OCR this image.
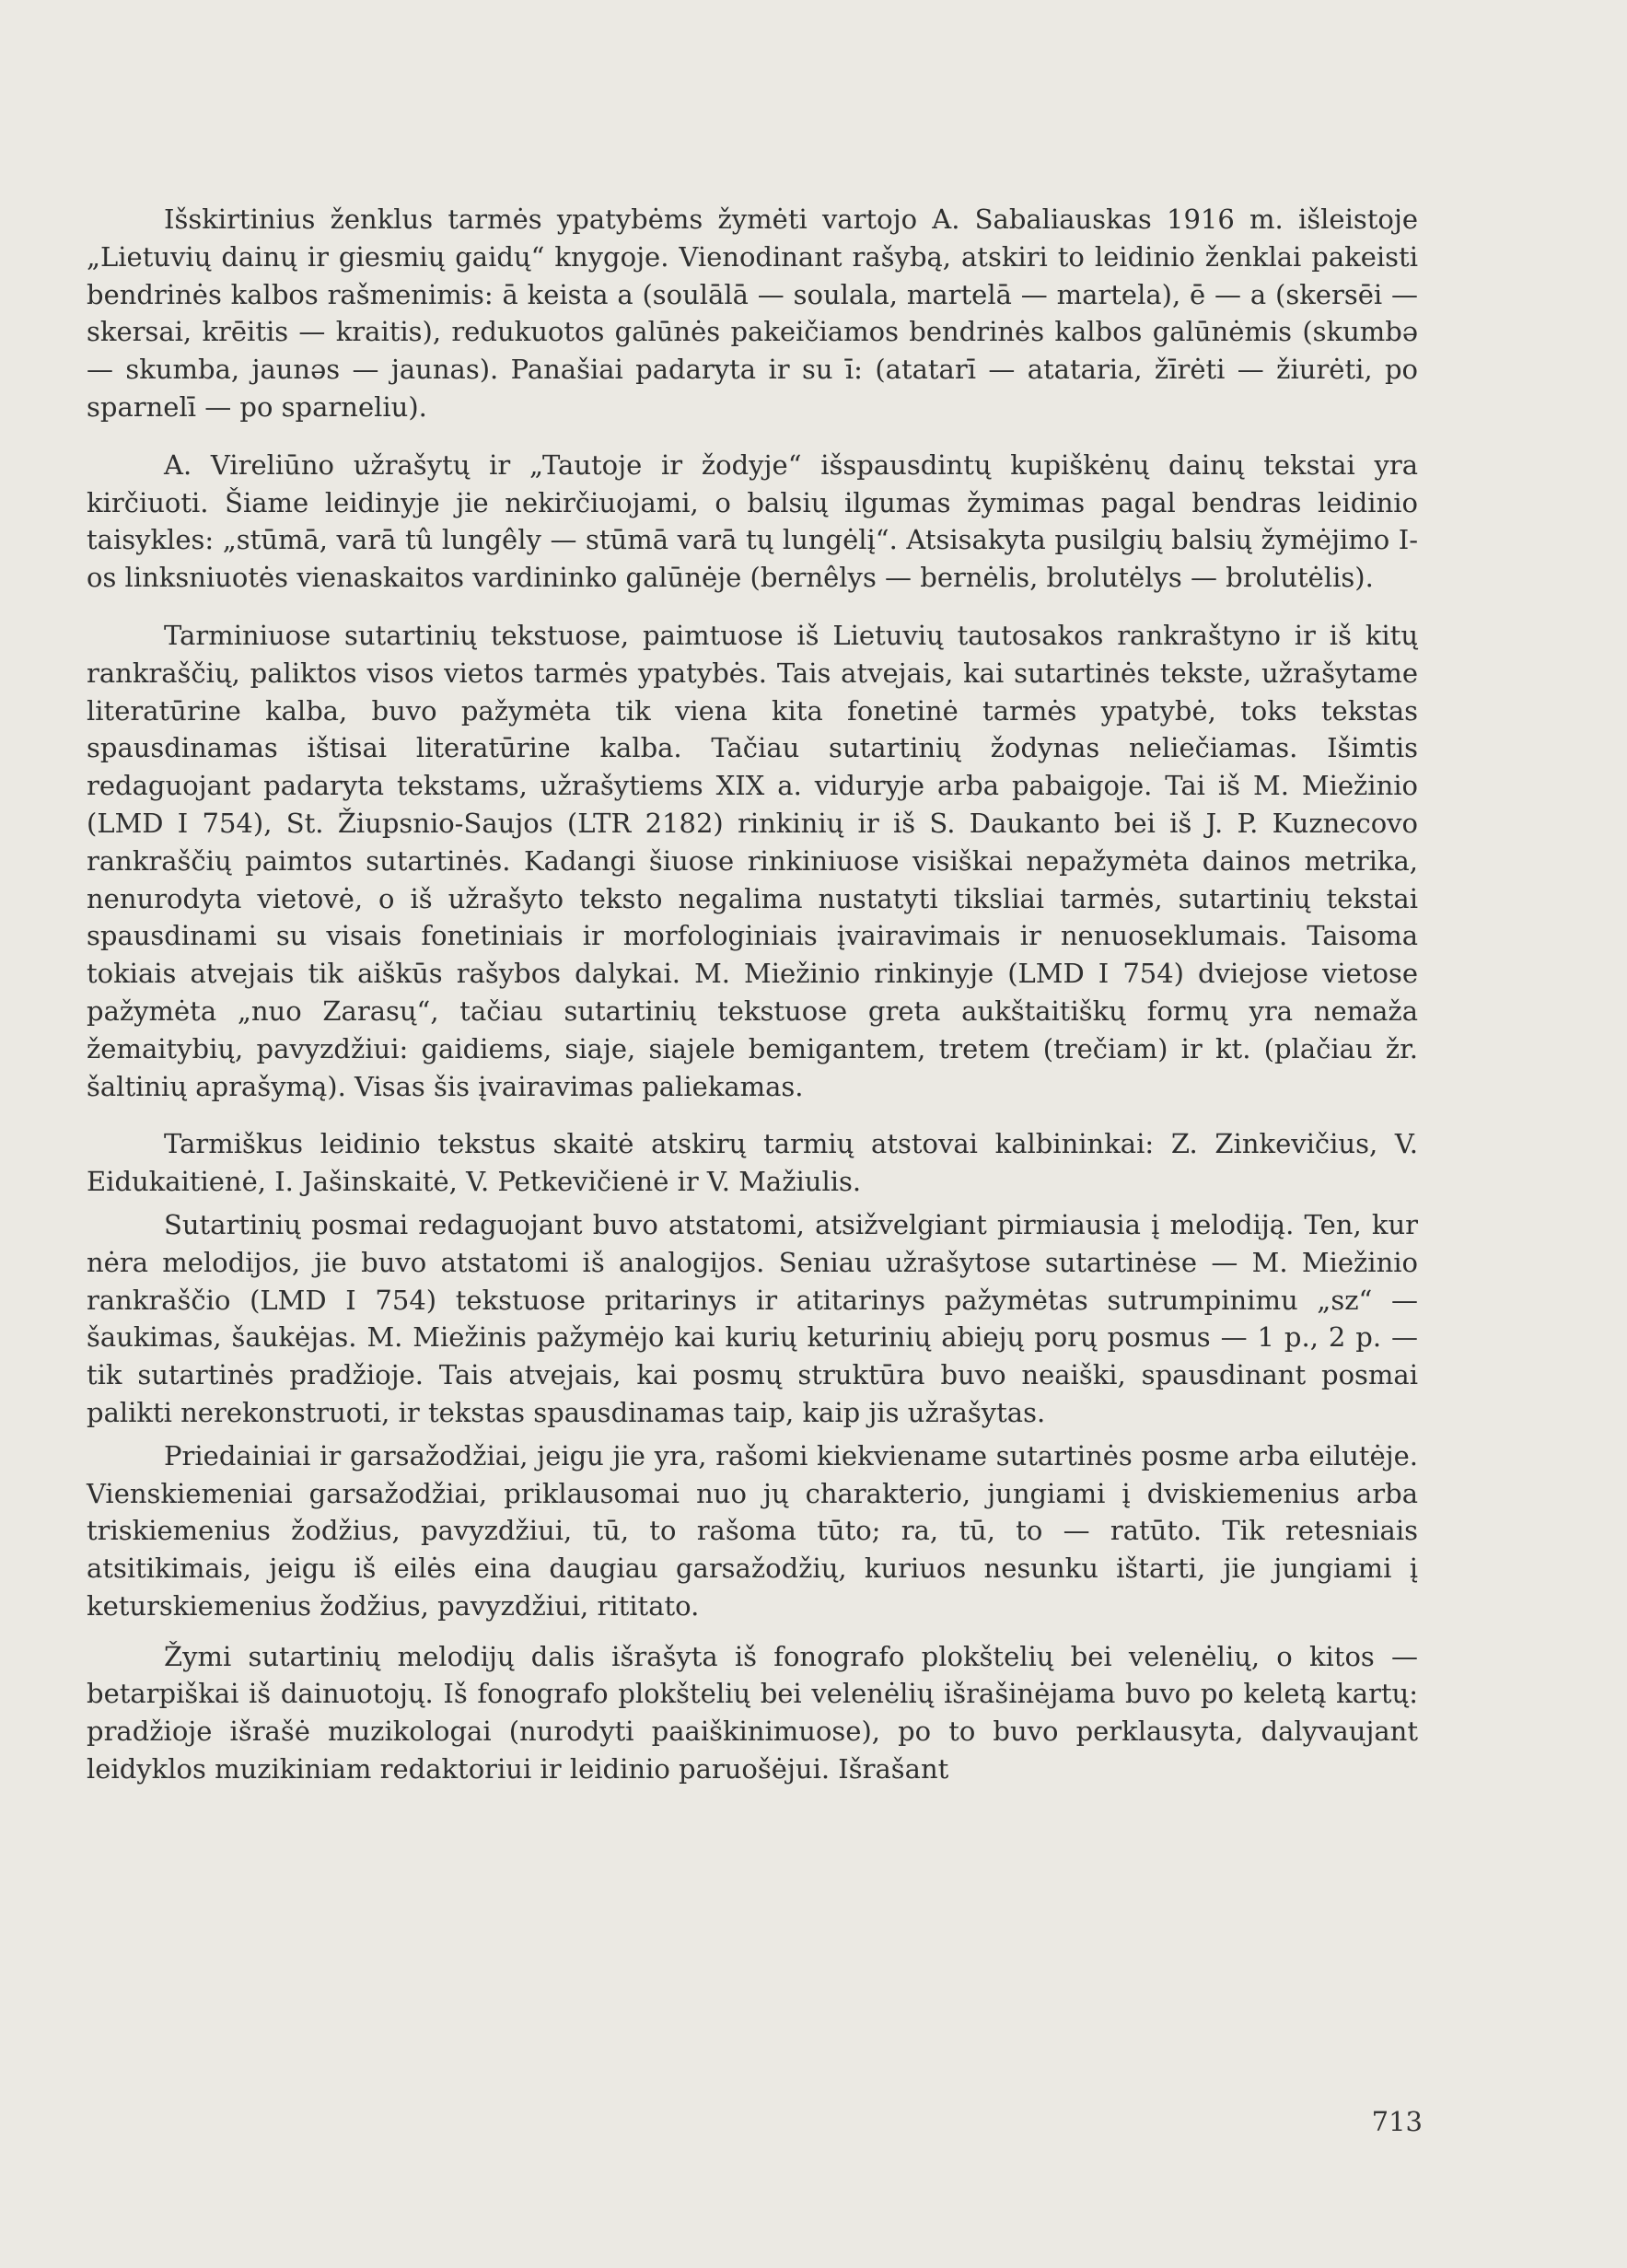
Išskirtinius ženklus tarmės ypatybėms žymėti vartojo A. Sabaliauskas 1916 m. išleistoje „Lietuvių dainų ir giesmių gaidų“ knygoje. Vienodinant rašybą, atskiri to leidinio ženklai pakeisti bendrinės kalbos rašmenimis: ā keista a (soulālā — soulala, martelā — martela), ē — a (skersēi — skersai, krēitis — kraitis), redukuotos galūnės pakeičiamos bendrinės kalbos galūnėmis (skumbə — skumba, jaunəs — jaunas). Panašiai padaryta ir su ī: (atatarī — atataria, žīrėti — žiurėti, po sparnelī — po sparneliu).

A. Vireliūno užrašytų ir „Tautoje ir žodyje“ išspausdintų kupiškėnų dainų tekstai yra kirčiuoti. Šiame leidinyje jie nekirčiuojami, o balsių ilgumas žymimas pagal bendras leidinio taisykles: „stūmā, varā tû lungêly — stūmā varā tų lungėlį“. Atsisakyta pusilgių balsių žymėjimo I-os linksniuotės vienaskaitos vardininko galūnėje (bernêlys — bernėlis, brolutėlys — brolutėlis).

Tarminiuose sutartinių tekstuose, paimtuose iš Lietuvių tautosakos rankraštyno ir iš kitų rankraščių, paliktos visos vietos tarmės ypatybės. Tais atvejais, kai sutartinės tekste, užrašytame literatūrine kalba, buvo pažymėta tik viena kita fonetinė tarmės ypatybė, toks tekstas spausdinamas ištisai literatūrine kalba. Tačiau sutartinių žodynas neliečiamas. Išimtis redaguojant padaryta tekstams, užrašytiems XIX a. viduryje arba pabaigoje. Tai iš M. Miežinio (LMD I 754), St. Žiupsnio-Saujos (LTR 2182) rinkinių ir iš S. Daukanto bei iš J. P. Kuznecovo rankraščių paimtos sutartinės. Kadangi šiuose rinkiniuose visiškai nepažymėta dainos metrika, nenurodyta vietovė, o iš užrašyto teksto negalima nustatyti tiksliai tarmės, sutartinių tekstai spausdinami su visais fonetiniais ir morfologiniais įvairavimais ir nenuoseklumais. Taisoma tokiais atvejais tik aiškūs rašybos dalykai. M. Miežinio rinkinyje (LMD I 754) dviejose vietose pažymėta „nuo Zarasų“, tačiau sutartinių tekstuose greta aukštaitiškų formų yra nemaža žemaitybių, pavyzdžiui: gaidiems, siaje, siajele bemigantem, tretem (trečiam) ir kt. (plačiau žr. šaltinių aprašymą). Visas šis įvairavimas paliekamas.

Tarmiškus leidinio tekstus skaitė atskirų tarmių atstovai kalbininkai: Z. Zinkevičius, V. Eidukaitienė, I. Jašinskaitė, V. Petkevičienė ir V. Mažiulis.

Sutartinių posmai redaguojant buvo atstatomi, atsižvelgiant pirmiausia į melodiją. Ten, kur nėra melodijos, jie buvo atstatomi iš analogijos. Seniau užrašytose sutartinėse — M. Miežinio rankraščio (LMD I 754) tekstuose pritarinys ir atitarinys pažymėtas sutrumpinimu „sz“ — šaukimas, šaukėjas. M. Miežinis pažymėjo kai kurių keturinių abiejų porų posmus — 1 p., 2 p. — tik sutartinės pradžioje. Tais atvejais, kai posmų struktūra buvo neaiški, spausdinant posmai palikti nerekonstruoti, ir tekstas spausdinamas taip, kaip jis užrašytas.

Priedainiai ir garsažodžiai, jeigu jie yra, rašomi kiekviename sutartinės posme arba eilutėje. Vienskiemeniai garsažodžiai, priklausomai nuo jų charakterio, jungiami į dviskiemenius arba triskiemenius žodžius, pavyzdžiui, tū, to rašoma tūto; ra, tū, to — ratūto. Tik retesniais atsitikimais, jeigu iš eilės eina daugiau garsažodžių, kuriuos nesunku ištarti, jie jungiami į keturskiemenius žodžius, pavyzdžiui, rititato.

Žymi sutartinių melodijų dalis išrašyta iš fonografo plokštelių bei velenėlių, o kitos — betarpiškai iš dainuotojų. Iš fonografo plokštelių bei velenėlių išrašinėjama buvo po keletą kartų: pradžioje išrašė muzikologai (nurodyti paaiškinimuose), po to buvo perklausyta, dalyvaujant leidyklos muzikiniam redaktoriui ir leidinio paruošėjui. Išrašant

713
